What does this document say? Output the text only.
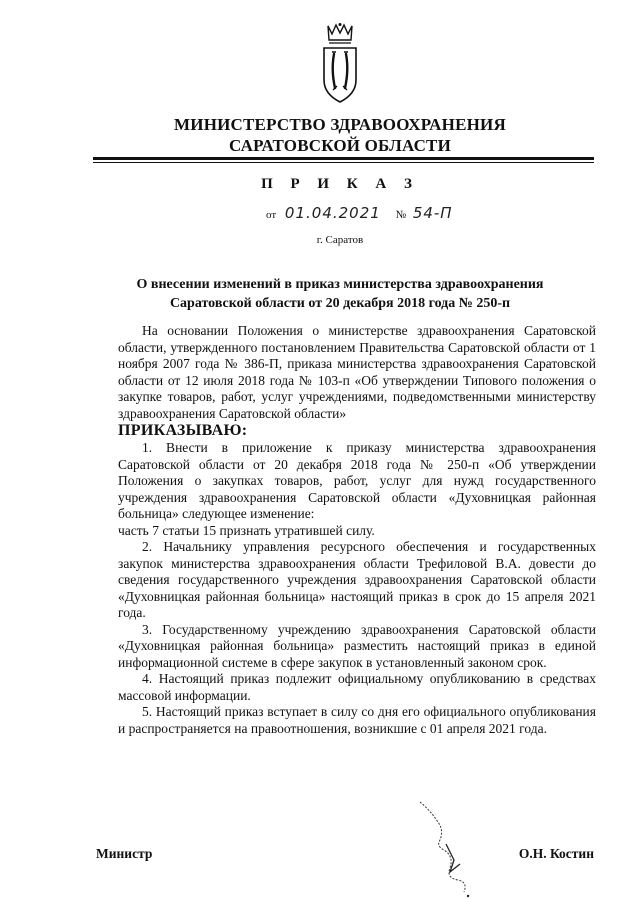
МИНИСТЕРСТВО ЗДРАВООХРАНЕНИЯ
САРАТОВСКОЙ ОБЛАСТИ
П Р И К А З
от 01.04.2021 № 54-П
г. Саратов
О внесении изменений в приказ министерства здравоохранения
Саратовской области от 20 декабря 2018 года № 250-п

На основании Положения о министерстве здравоохранения Саратовской области, утвержденного постановлением Правительства Саратовской области от 1 ноября 2007 года № 386-П, приказа министерства здравоохранения Саратовской области от 12 июля 2018 года № 103-п «Об утверждении Типового положения о закупке товаров, работ, услуг учреждениями, подведомственными министерству здравоохранения Саратовской области»

ПРИКАЗЫВАЮ:

1. Внести в приложение к приказу министерства здравоохранения Саратовской области от 20 декабря 2018 года № 250-п «Об утверждении Положения о закупках товаров, работ, услуг для нужд государственного учреждения здравоохранения Саратовской области «Духовницкая районная больница» следующее изменение:

часть 7 статьи 15 признать утратившей силу.

2. Начальнику управления ресурсного обеспечения и государственных закупок министерства здравоохранения области Трефиловой В.А. довести до сведения государственного учреждения здравоохранения Саратовской области «Духовницкая районная больница» настоящий приказ в срок до 15 апреля 2021 года.

3. Государственному учреждению здравоохранения Саратовской области «Духовницкая районная больница» разместить настоящий приказ в единой информационной системе в сфере закупок в установленный законом срок.

4. Настоящий приказ подлежит официальному опубликованию в средствах массовой информации.

5. Настоящий приказ вступает в силу со дня его официального опубликования и распространяется на правоотношения, возникшие с 01 апреля 2021 года.

Министр	О.Н. Костин
